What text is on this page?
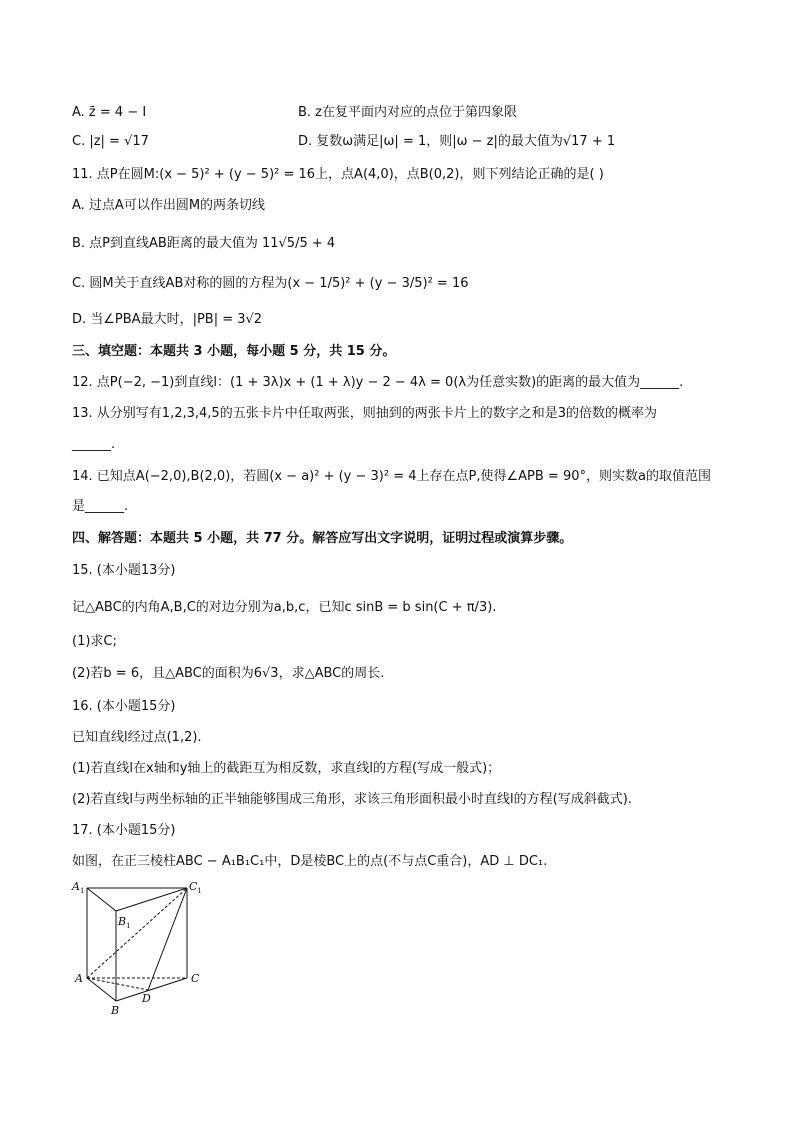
A. z̄ = 4 − I	B. z在复平面内对应的点位于第四象限
C. |z| = √17	D. 复数ω满足|ω| = 1，则|ω − z|的最大值为√17 + 1
11. 点P在圆M:(x − 5)² + (y − 5)² = 16上，点A(4,0)，点B(0,2)，则下列结论正确的是( )
A. 过点A可以作出圆M的两条切线
B. 点P到直线AB距离的最大值为 11√5/5 + 4
C. 圆M关于直线AB对称的圆的方程为(x − 1/5)² + (y − 3/5)² = 16
D. 当∠PBA最大时，|PB| = 3√2
三、填空题：本题共 3 小题，每小题 5 分，共 15 分。
12. 点P(−2, −1)到直线l：(1 + 3λ)x + (1 + λ)y − 2 − 4λ = 0(λ为任意实数)的距离的最大值为______.
13. 从分别写有1,2,3,4,5的五张卡片中任取两张，则抽到的两张卡片上的数字之和是3的倍数的概率为
______.
14. 已知点A(−2,0),B(2,0)，若圆(x − a)² + (y − 3)² = 4上存在点P,使得∠APB = 90°，则实数a的取值范围
是______.
四、解答题：本题共 5 小题，共 77 分。解答应写出文字说明，证明过程或演算步骤。
15. (本小题13分)
记△ABC的内角A,B,C的对边分别为a,b,c，已知c sinB = b sin(C + π/3).
(1)求C;
(2)若b = 6，且△ABC的面积为6√3，求△ABC的周长.
16. (本小题15分)
已知直线l经过点(1,2).
(1)若直线l在x轴和y轴上的截距互为相反数，求直线l的方程(写成一般式)；
(2)若直线l与两坐标轴的正半轴能够围成三角形，求该三角形面积最小时直线l的方程(写成斜截式).
17. (本小题15分)
如图，在正三棱柱ABC − A₁B₁C₁中，D是棱BC上的点(不与点C重合)，AD ⊥ DC₁.
$A_1$
$B_1$
$C_1$
A	C
B
D
